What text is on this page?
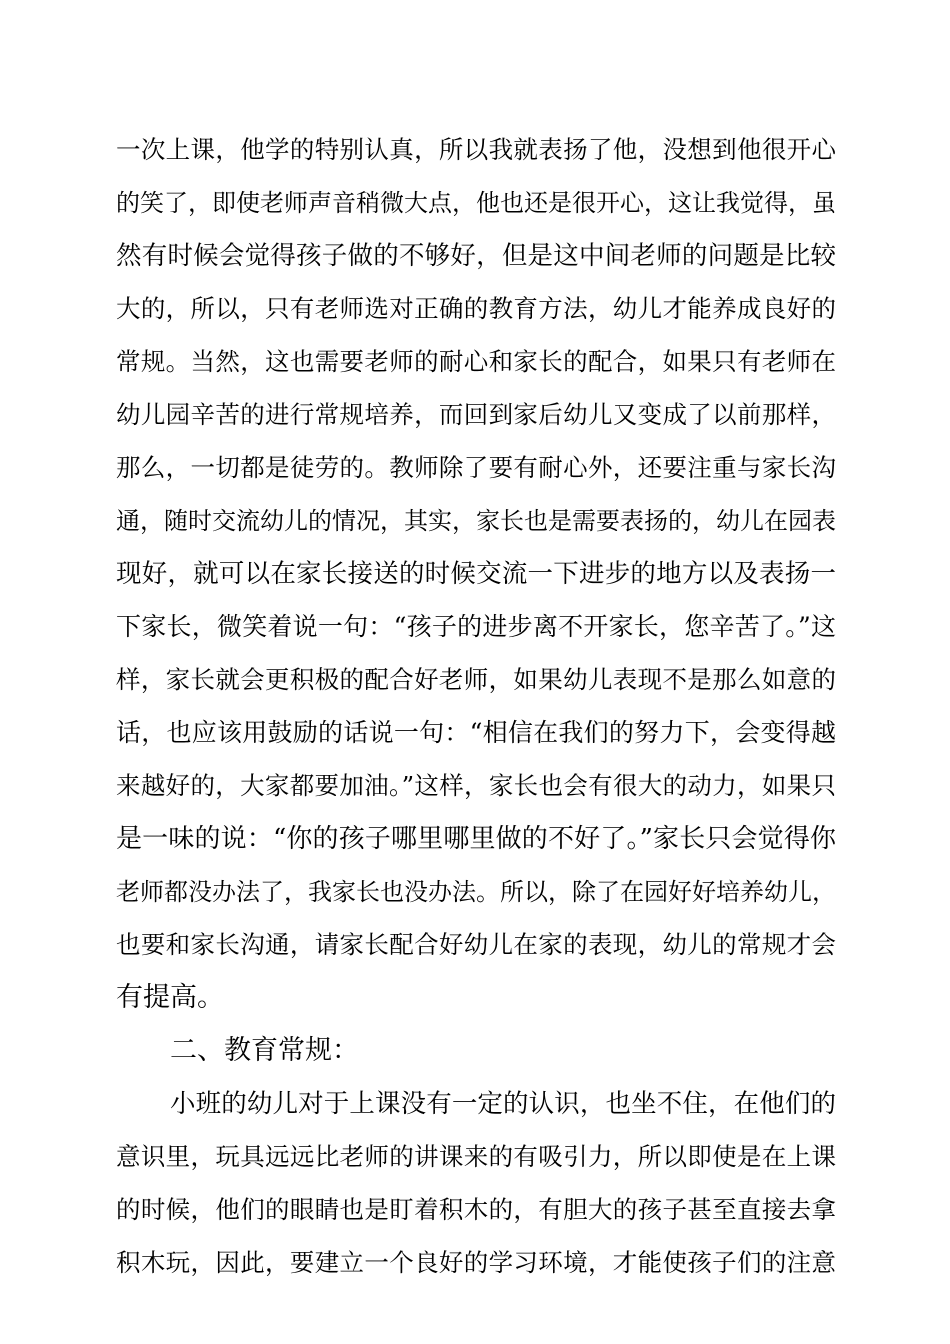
一次上课，他学的特别认真，所以我就表扬了他，没想到他很开心
的笑了，即使老师声音稍微大点，他也还是很开心，这让我觉得，虽
然有时候会觉得孩子做的不够好，但是这中间老师的问题是比较
大的，所以，只有老师选对正确的教育方法，幼儿才能养成良好的
常规。当然，这也需要老师的耐心和家长的配合，如果只有老师在
幼儿园辛苦的进行常规培养，而回到家后幼儿又变成了以前那样，
那么，一切都是徒劳的。教师除了要有耐心外，还要注重与家长沟
通，随时交流幼儿的情况，其实，家长也是需要表扬的，幼儿在园表
现好，就可以在家长接送的时候交流一下进步的地方以及表扬一
下家长，微笑着说一句：“孩子的进步离不开家长，您辛苦了。”这
样，家长就会更积极的配合好老师，如果幼儿表现不是那么如意的
话，也应该用鼓励的话说一句：“相信在我们的努力下，会变得越
来越好的，大家都要加油。”这样，家长也会有很大的动力，如果只
是一味的说：“你的孩子哪里哪里做的不好了。”家长只会觉得你
老师都没办法了，我家长也没办法。所以，除了在园好好培养幼儿，
也要和家长沟通，请家长配合好幼儿在家的表现，幼儿的常规才会
有提高。
二、教育常规：
小班的幼儿对于上课没有一定的认识，也坐不住，在他们的
意识里，玩具远远比老师的讲课来的有吸引力，所以即使是在上课
的时候，他们的眼睛也是盯着积木的，有胆大的孩子甚至直接去拿
积木玩，因此，要建立一个良好的学习环境，才能使孩子们的注意
